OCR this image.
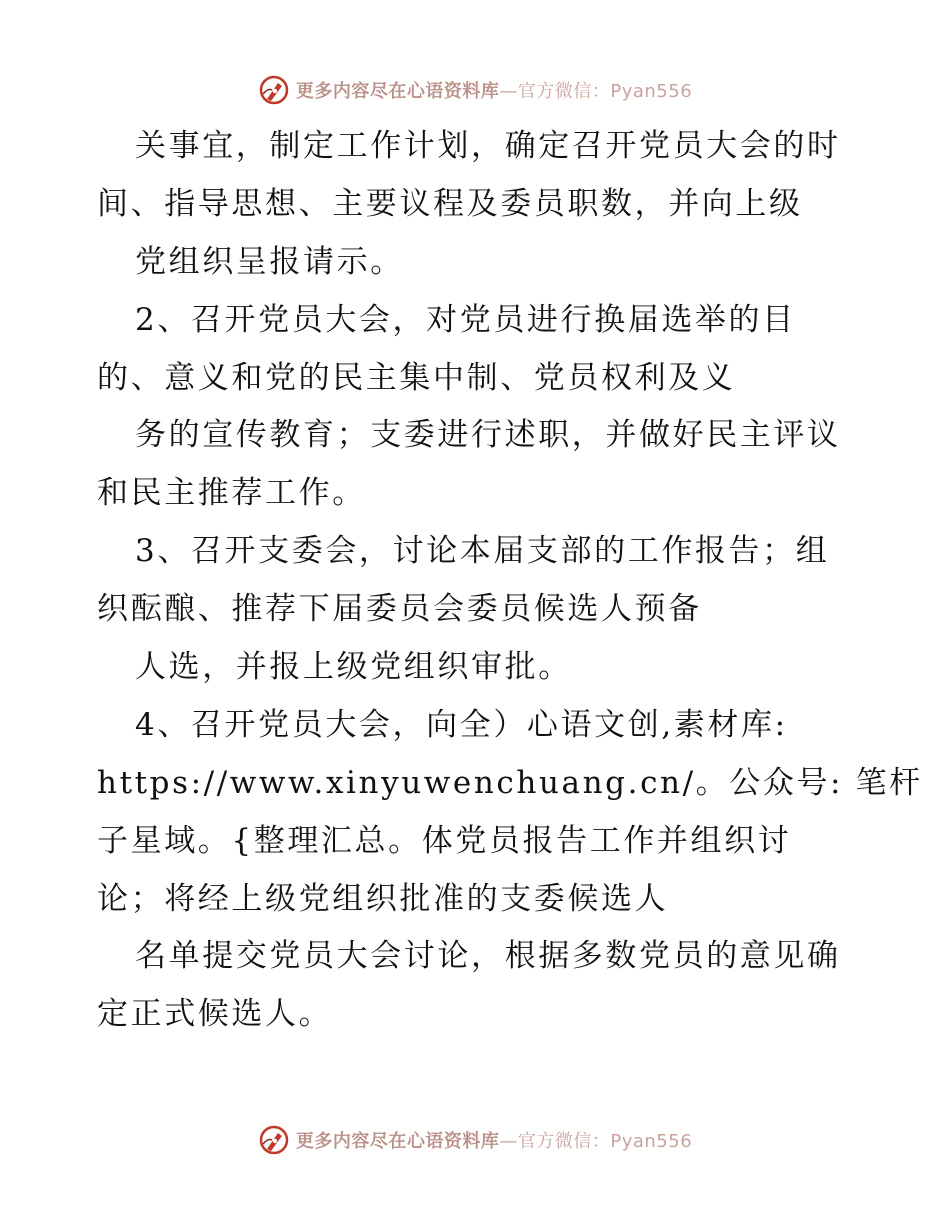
更多内容尽在心语资料库 —官方微信：Pyan556
关事宜，制定工作计划，确定召开党员大会的时
间、指导思想、主要议程及委员职数，并向上级
党组织呈报请示。
2、召开党员大会，对党员进行换届选举的目
的、意义和党的民主集中制、党员权利及义
务的宣传教育；支委进行述职，并做好民主评议
和民主推荐工作。
3、召开支委会，讨论本届支部的工作报告；组
织酝酿、推荐下届委员会委员候选人预备
人选，并报上级党组织审批。
4、召开党员大会，向全）心语文创,素材库:
https://www.xinyuwenchuang.cn/。公众号: 笔杆
子星域。{整理汇总。体党员报告工作并组织讨
论；将经上级党组织批准的支委候选人
名单提交党员大会讨论，根据多数党员的意见确
定正式候选人。
更多内容尽在心语资料库 —官方微信：Pyan556
